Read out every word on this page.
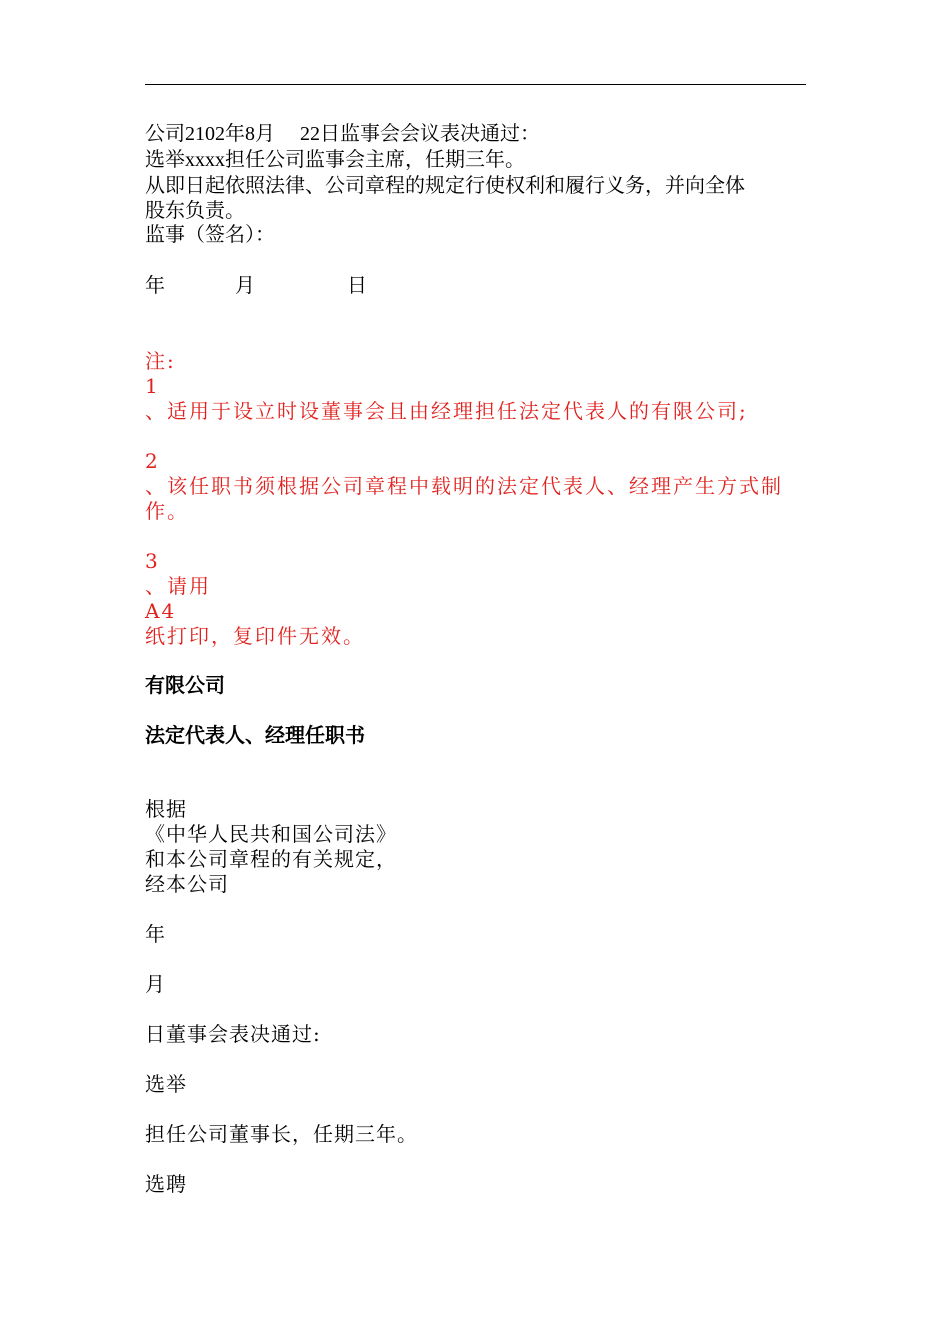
公司2102年8月　 22日监事会会议表决通过：
选举xxxx担任公司监事会主席，任期三年。
从即日起依照法律、公司章程的规定行使权利和履行义务，并向全体
股东负责。
监事（签名）：
年	月	日
注:
1
、适用于设立时设董事会且由经理担任法定代表人的有限公司;
2
、该任职书须根据公司章程中载明的法定代表人、经理产生方式制
作。
3
、请用
A4
纸打印，复印件无效。
有限公司
法定代表人、经理任职书
根据
《中华人民共和国公司法》
和本公司章程的有关规定，
经本公司
年
月
日董事会表决通过:
选举
担任公司董事长，任期三年。
选聘
